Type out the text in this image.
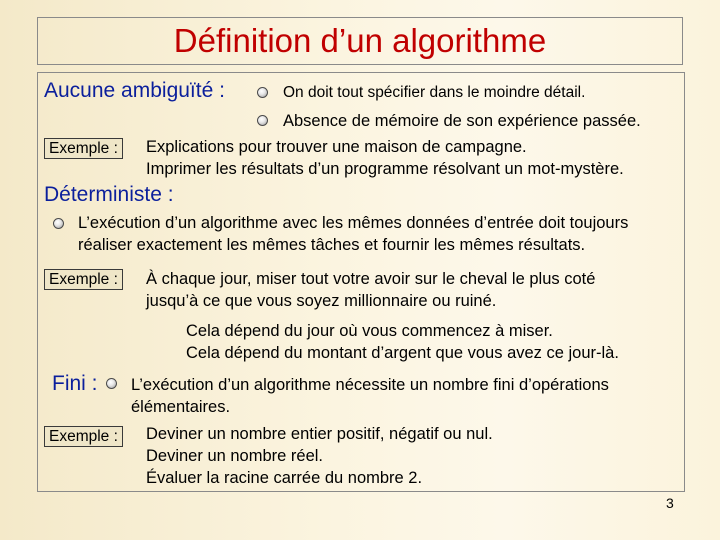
Définition d’un algorithme
Aucune ambiguïté :	On doit tout spécifier dans le moindre détail.
Absence de mémoire de son expérience passée.
Exemple :	Explications pour trouver une maison de campagne.
Imprimer les résultats d’un programme résolvant un mot-mystère.
Déterministe :
L’exécution d’un algorithme avec les mêmes données d’entrée doit toujours
réaliser exactement les mêmes tâches et fournir les mêmes résultats.
Exemple :	À chaque jour, miser tout votre avoir sur le cheval le plus coté
jusqu’à ce que vous soyez millionnaire ou ruiné.
Cela dépend du jour où vous commencez à miser.
Cela dépend du montant d’argent que vous avez ce jour-là.
Fini : L’exécution d’un algorithme nécessite un nombre fini d’opérations
élémentaires.
Exemple :	Deviner un nombre entier positif, négatif ou nul.
Deviner un nombre réel.
Évaluer la racine carrée du nombre 2.
3
